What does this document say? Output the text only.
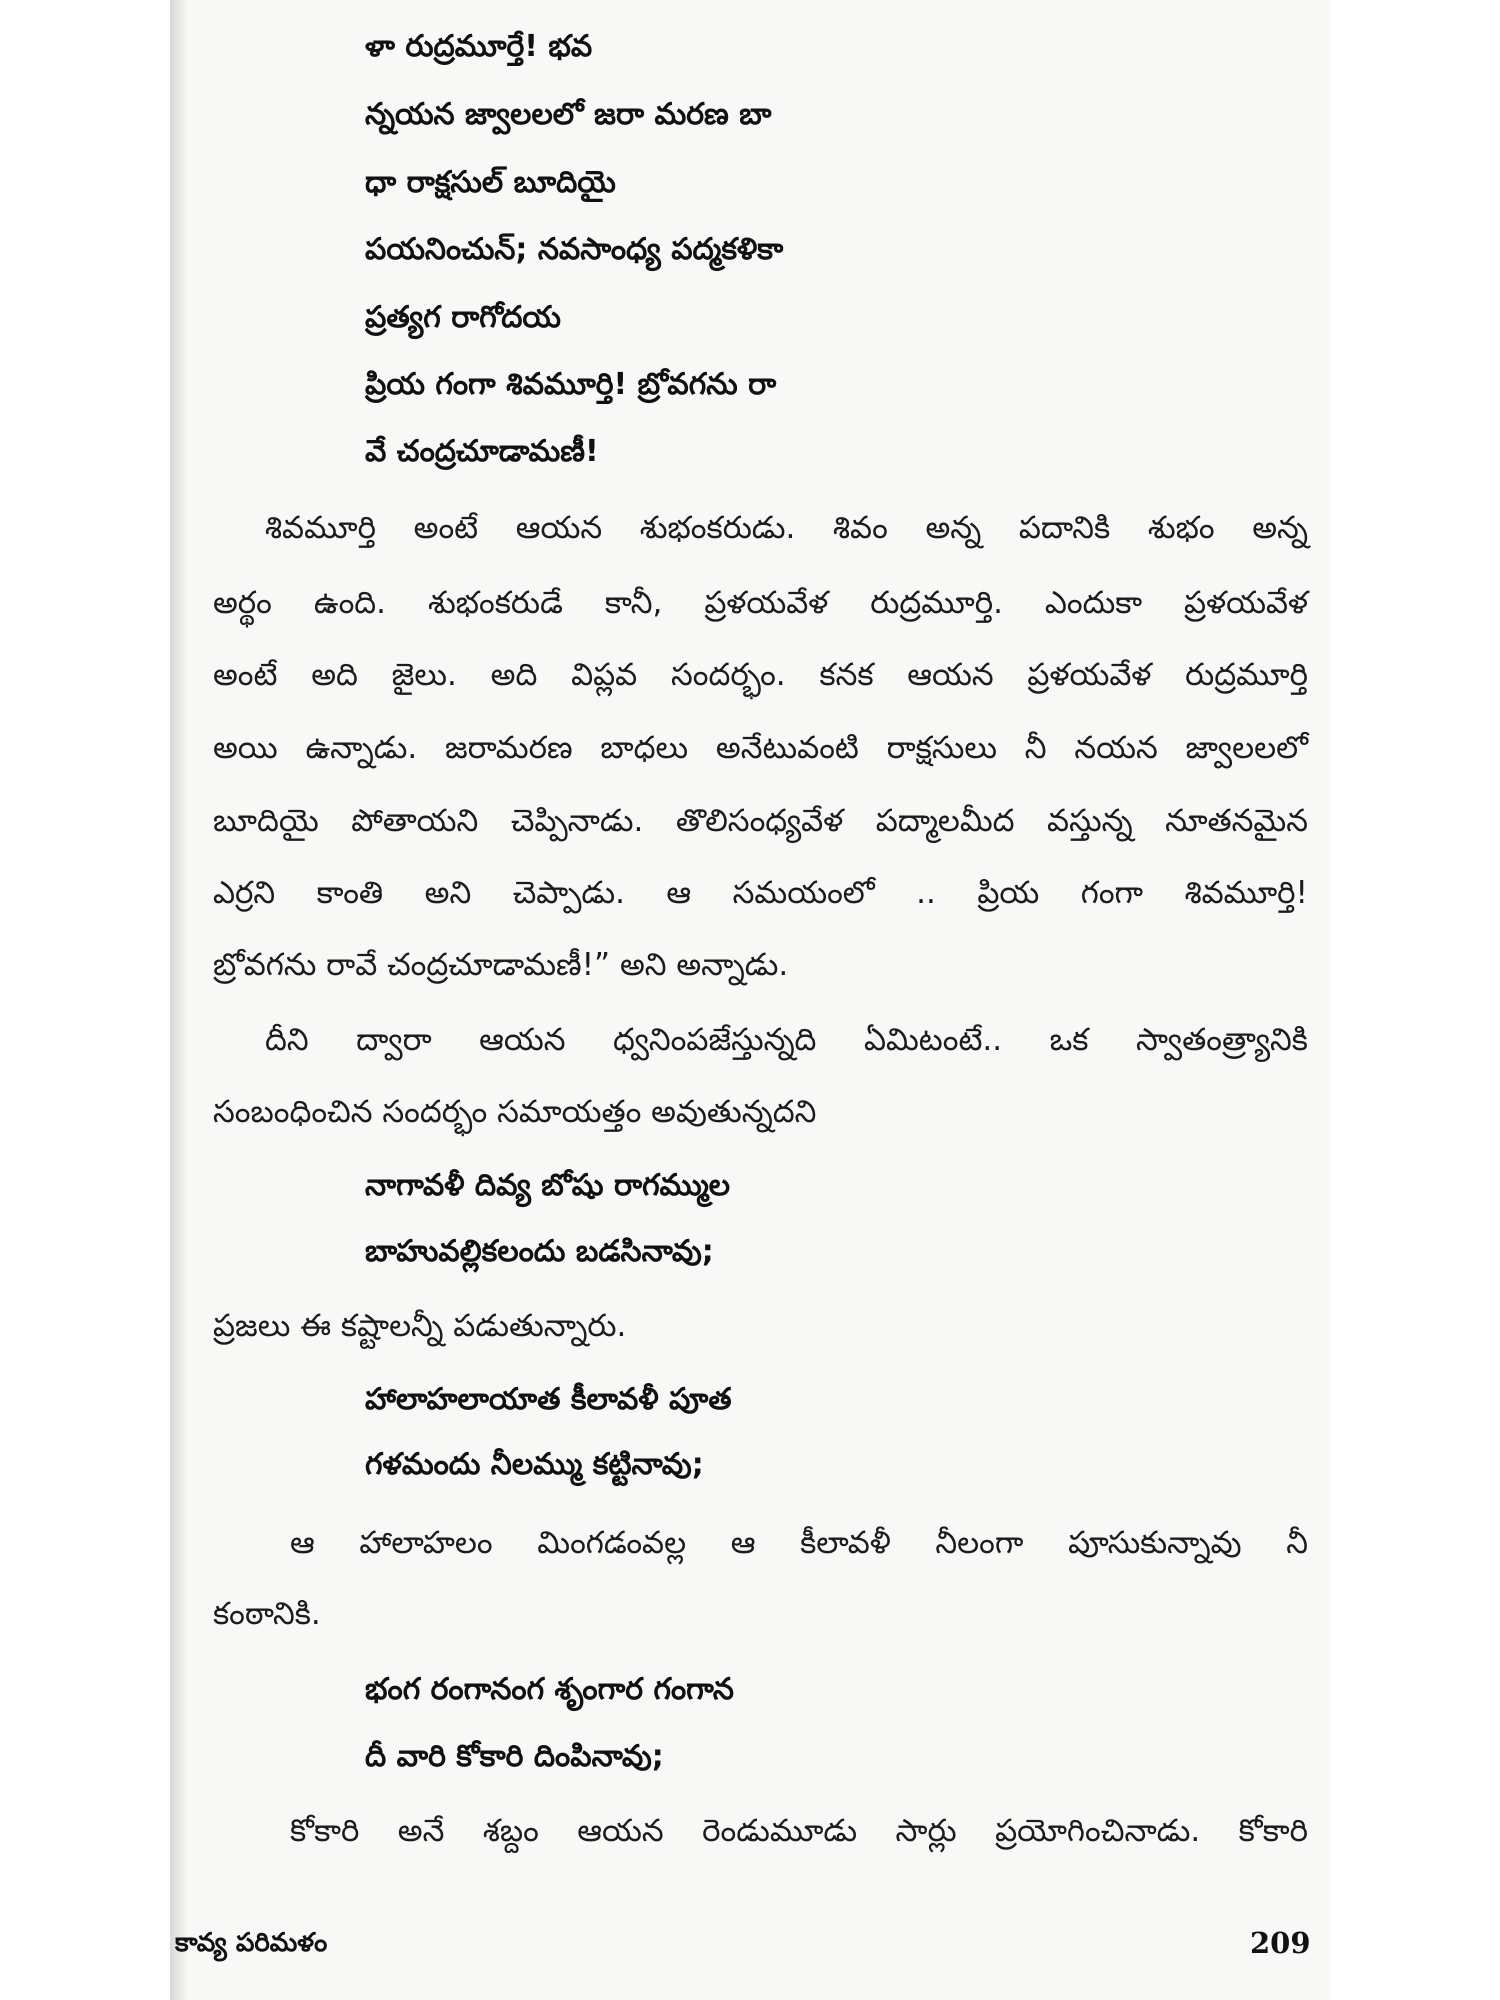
ళా రుద్రమూర్తే! భవ
న్నయన జ్వాలలలో జరా మరణ బా
ధా రాక్షసుల్ బూదియై
పయనించున్; నవసాంధ్య పద్మకళికా
ప్రత్యగ రాగోదయ
ప్రియ గంగా శివమూర్తి! బ్రోవగను రా
వే చంద్రచూడామణీ!
శివమూర్తి అంటే ఆయన శుభంకరుడు. శివం అన్న పదానికి శుభం అన్న
అర్థం ఉంది. శుభంకరుడే కానీ, ప్రళయవేళ రుద్రమూర్తి. ఎందుకా ప్రళయవేళ
అంటే అది జైలు. అది విప్లవ సందర్భం. కనక ఆయన ప్రళయవేళ రుద్రమూర్తి
అయి ఉన్నాడు. జరామరణ బాధలు అనేటువంటి రాక్షసులు నీ నయన జ్వాలలలో
బూదియై పోతాయని చెప్పినాడు. తొలిసంధ్యవేళ పద్మాలమీద వస్తున్న నూతనమైన
ఎర్రని కాంతి అని చెప్పాడు. ఆ సమయంలో .. ప్రియ గంగా శివమూర్తి!
బ్రోవగను రావే చంద్రచూడామణీ!” అని అన్నాడు.
దీని ద్వారా ఆయన ధ్వనింపజేస్తున్నది ఏమిటంటే.. ఒక స్వాతంత్ర్యానికి
సంబంధించిన సందర్భం సమాయత్తం అవుతున్నదని
నాగావళీ దివ్య బోషు రాగమ్ముల
బాహువల్లికలందు బడసినావు;
ప్రజలు ఈ కష్టాలన్నీ పడుతున్నారు.
హాలాహలాయాత కీలావళీ పూత
గళమందు నీలమ్ము కట్టినావు;
ఆ హాలాహలం మింగడంవల్ల ఆ కీలావళీ నీలంగా పూసుకున్నావు నీ
కంఠానికి.
భంగ రంగానంగ శృంగార గంగాన
దీ వారి కోకారి దింపినావు;
కోకారి అనే శబ్దం ఆయన రెండుమూడు సార్లు ప్రయోగించినాడు. కోకారి
కావ్య పరిమళం	209
